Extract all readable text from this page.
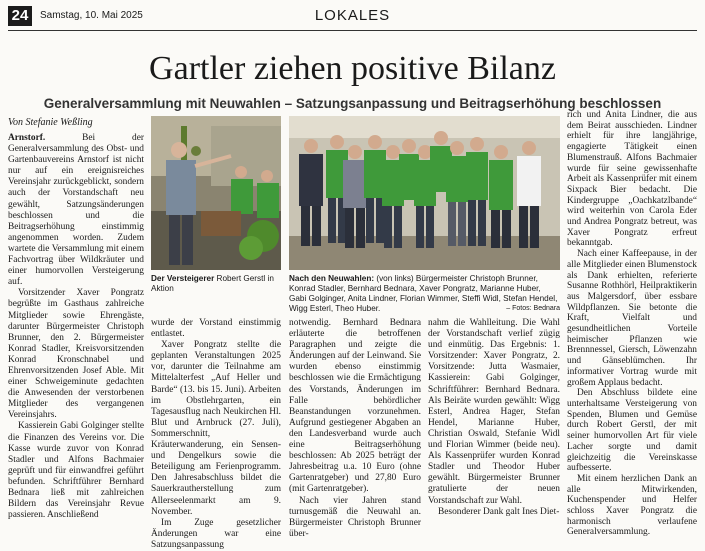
24	Samstag, 10. Mai 2025	LOKALES
Gartler ziehen positive Bilanz
Generalversammlung mit Neuwahlen – Satzungsanpassung und Beitragserhöhung beschlossen
Von Stefanie Weßling

Arnstorf. Bei der Generalversammlung des Obst- und Gartenbauvereins Arnstorf ist nicht nur auf ein ereignisreiches Vereinsjahr zurückgeblickt, sondern auch der Vorstandschaft neu gewählt, Satzungsänderungen beschlossen und die Beitragserhöhung einstimmig angenommen worden. Zudem wartete die Versammlung mit einem Fachvortrag über Wildkräuter und einer humorvollen Versteigerung auf.

Vorsitzender Xaver Pongratz begrüßte im Gasthaus zahlreiche Mitglieder sowie Ehrengäste, darunter Bürgermeister Christoph Brunner, den 2. Bürgermeister Konrad Stadler, Kreisvorsitzenden Konrad Kronschnabel und Ehrenvorsitzenden Josef Able. Mit einer Schweigeminute gedachten die Anwesenden der verstorbenen Mitglieder des vergangenen Vereinsjahrs.

Kassierein Gabi Golginger stellte die Finanzen des Vereins vor. Die Kasse wurde zuvor von Konrad Stadler und Alfons Bachmaier geprüft und für einwandfrei geführt befunden. Schriftführer Bernhard Bednara ließ mit zahlreichen Bildern das Vereinsjahr Revue passieren. Anschließend

Der Versteigerer Robert Gerstl in Aktion
Nach den Neuwahlen: (von links) Bürgermeister Christoph Brunner, Konrad Stadler, Bernhard Bednara, Xaver Pongratz, Marianne Huber, Gabi Golginger, Anita Lindner, Florian Wimmer, Steffi Widl, Stefan Hendel, Wigg Esterl, Theo Huber.	– Fotos: Bednara

wurde der Vorstand einstimmig entlastet.

Xaver Pongratz stellte die geplanten Veranstaltungen 2025 vor, darunter die Teilnahme am Mittelalterfest „Auf Heller und Barde“ (13. bis 15. Juni). Arbeiten im Obstlehrgarten, ein Tagesausflug nach Neukirchen Hl. Blut und Arnbruck (27. Juli), Sommerschnitt, Kräuterwanderung, ein Sensen- und Dengelkurs sowie die Beteiligung am Ferienprogramm. Den Jahresabschluss bildet die Sauerkrautherstellung zum Allerseelenmarkt am 9. November.

Im Zuge gesetzlicher Änderungen war eine Satzungsanpassung

notwendig. Bernhard Bednara erläuterte die betroffenen Paragraphen und zeigte die Änderungen auf der Leinwand. Sie wurden ebenso einstimmig beschlossen wie die Ermächtigung des Vorstands, Änderungen im Falle behördlicher Beanstandungen vorzunehmen. Aufgrund gestiegener Abgaben an den Landesverband wurde auch eine Beitragserhöhung beschlossen: Ab 2025 beträgt der Jahresbeitrag u.a. 10 Euro (ohne Gartenratgeber) und 27,80 Euro (mit Gartenratgeber).

Nach vier Jahren stand turnusgemäß die Neuwahl an. Bürgermeister Christoph Brunner über-

nahm die Wahlleitung. Die Wahl der Vorstandschaft verlief zügig und einmütig. Das Ergebnis: 1. Vorsitzender: Xaver Pongratz, 2. Vorsitzende: Jutta Wasmaier, Kassierein: Gabi Golginger, Schriftführer: Bernhard Bednara. Als Beiräte wurden gewählt: Wigg Esterl, Andrea Hager, Stefan Hendel, Marianne Huber, Christian Oswald, Stefanie Widl und Florian Wimmer (beide neu). Als Kassenprüfer wurden Konrad Stadler und Theodor Huber gewählt. Bürgermeister Brunner gratulierte der neuen Vorstandschaft zur Wahl.

Besonderer Dank galt Ines Diet-

rich und Anita Lindner, die aus dem Beirat ausschieden. Lindner erhielt für ihre langjährige, engagierte Tätigkeit einen Blumenstrauß. Alfons Bachmaier wurde für seine gewissenhafte Arbeit als Kassenprüfer mit einem Sixpack Bier bedacht. Die Kindergruppe „Oachkatzlbande“ wird weiterhin von Carola Eder und Andrea Pongratz betreut, was Xaver Pongratz erfreut bekanntgab.

Nach einer Kaffeepause, in der alle Mitglieder einen Blumenstock als Dank erhielten, referierte Susanne Rothhörl, Heilpraktikerin aus Malgersdorf, über essbare Wildpflanzen. Sie betonte die Kraft, Vielfalt und gesundheitlichen Vorteile heimischer Pflanzen wie Brennnessel, Giersch, Löwenzahn und Gänseblümchen. Ihr informativer Vortrag wurde mit großem Applaus bedacht.

Den Abschluss bildete eine unterhaltsame Versteigerung von Spenden, Blumen und Gemüse durch Robert Gerstl, der mit seiner humorvollen Art für viele Lacher sorgte und damit gleichzeitig die Vereinskasse aufbesserte.

Mit einem herzlichen Dank an alle Mitwirkenden, Kuchenspender und Helfer schloss Xaver Pongratz die harmonisch verlaufene Generalversammlung.
